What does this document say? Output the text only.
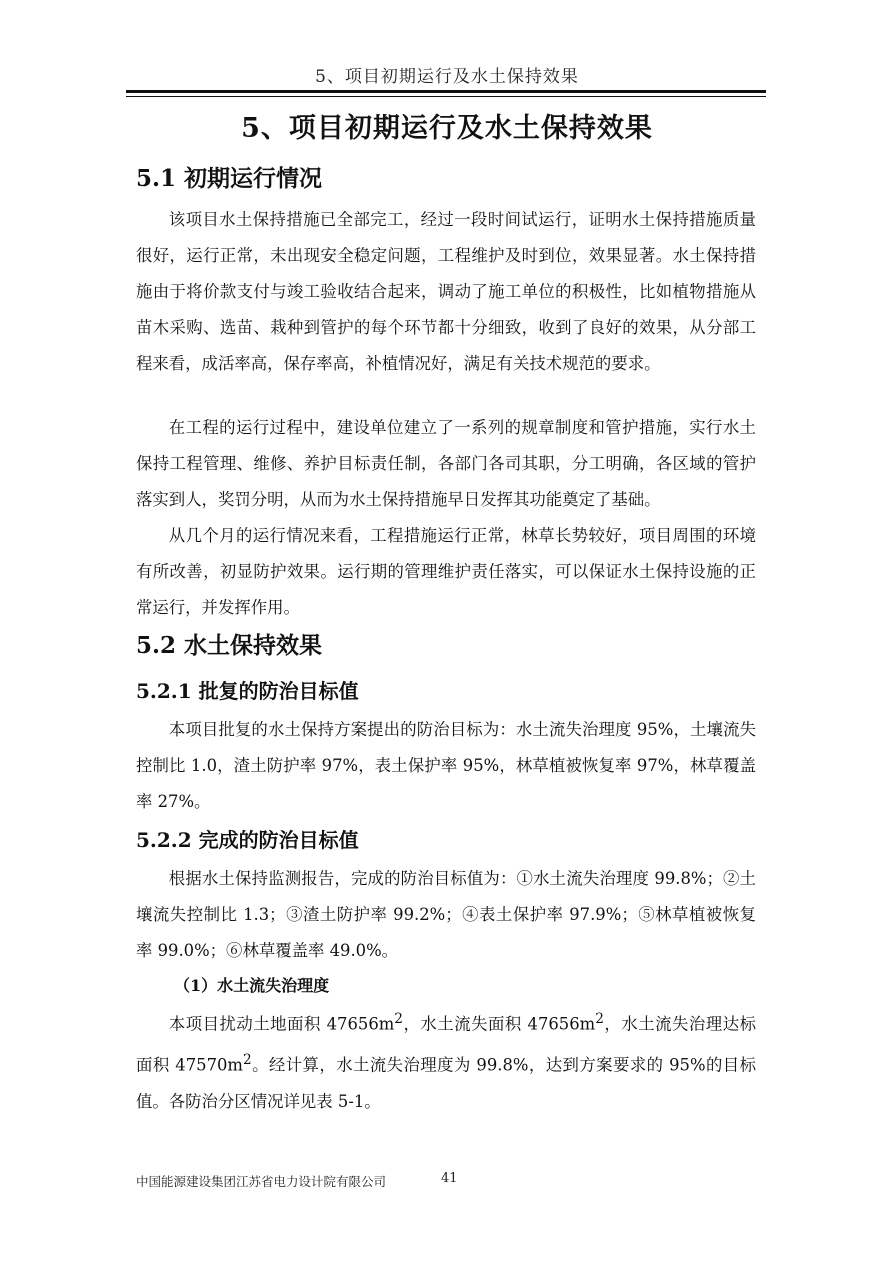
5、项目初期运行及水土保持效果
5、项目初期运行及水土保持效果
5.1 初期运行情况

该项目水土保持措施已全部完工，经过一段时间试运行，证明水土保持措施质量很好，运行正常，未出现安全稳定问题，工程维护及时到位，效果显著。水土保持措施由于将价款支付与竣工验收结合起来，调动了施工单位的积极性，比如植物措施从苗木采购、选苗、栽种到管护的每个环节都十分细致，收到了良好的效果，从分部工程来看，成活率高，保存率高，补植情况好，满足有关技术规范的要求。

在工程的运行过程中，建设单位建立了一系列的规章制度和管护措施，实行水土保持工程管理、维修、养护目标责任制，各部门各司其职，分工明确，各区域的管护落实到人，奖罚分明，从而为水土保持措施早日发挥其功能奠定了基础。

从几个月的运行情况来看，工程措施运行正常，林草长势较好，项目周围的环境有所改善，初显防护效果。运行期的管理维护责任落实，可以保证水土保持设施的正常运行，并发挥作用。

5.2 水土保持效果
5.2.1 批复的防治目标值

本项目批复的水土保持方案提出的防治目标为：水土流失治理度 95%，土壤流失控制比 1.0，渣土防护率 97%，表土保护率 95%，林草植被恢复率 97%，林草覆盖率 27%。

5.2.2 完成的防治目标值

根据水土保持监测报告，完成的防治目标值为：①水土流失治理度 99.8%；②土壤流失控制比 1.3；③渣土防护率 99.2%；④表土保护率 97.9%；⑤林草植被恢复率 99.0%；⑥林草覆盖率 49.0%。

（1）水土流失治理度

本项目扰动土地面积 $47656m^2$，水土流失面积 $47656m^2$，水土流失治理达标面积 $47570m^2$。经计算，水土流失治理度为 99.8%，达到方案要求的 95%的目标值。各防治分区情况详见表 5-1。

中国能源建设集团江苏省电力设计院有限公司	41
